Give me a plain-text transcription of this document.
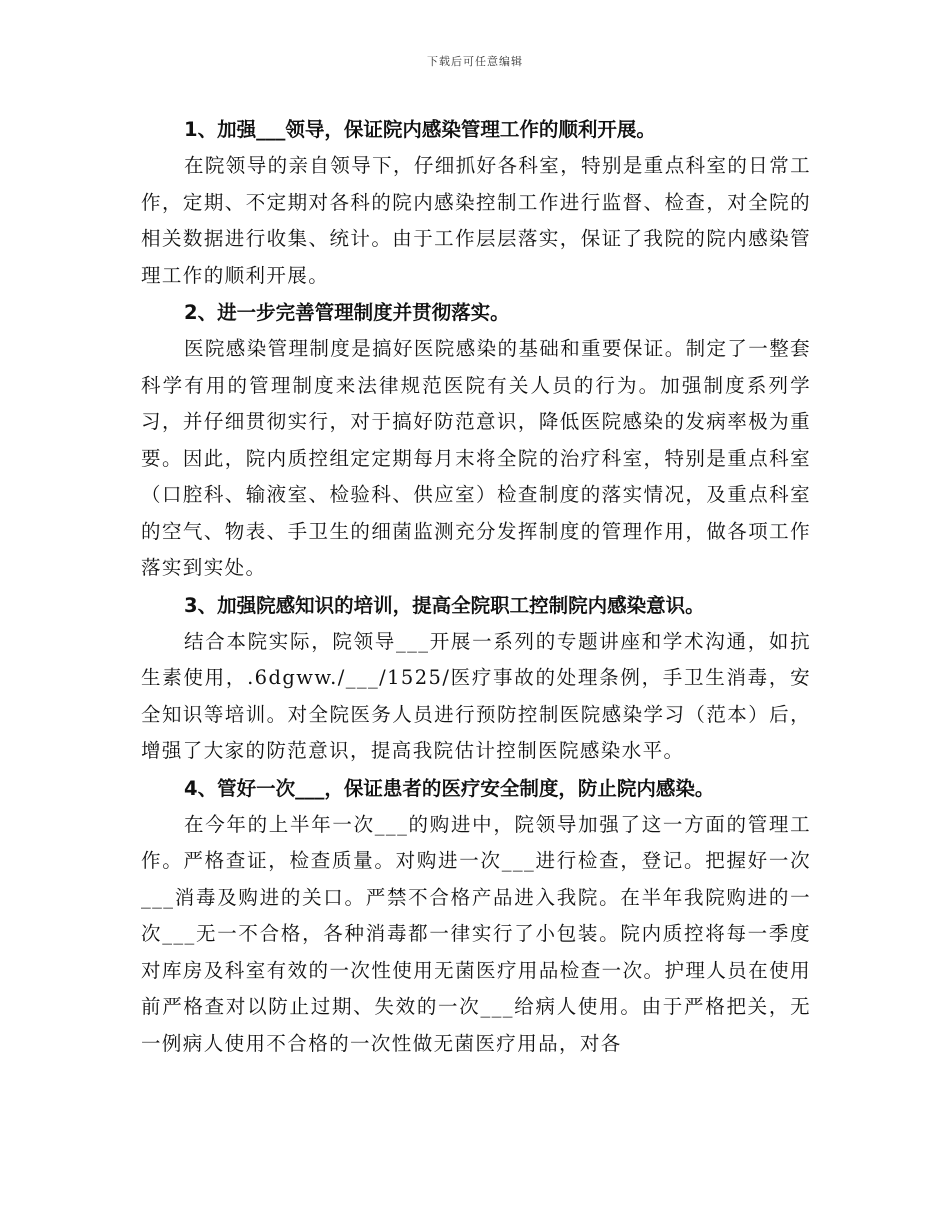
下载后可任意编辑

1、加强___领导，保证院内感染管理工作的顺利开展。

在院领导的亲自领导下，仔细抓好各科室，特别是重点科室的日常工作，定期、不定期对各科的院内感染控制工作进行监督、检查，对全院的相关数据进行收集、统计。由于工作层层落实，保证了我院的院内感染管理工作的顺利开展。

2、进一步完善管理制度并贯彻落实。

医院感染管理制度是搞好医院感染的基础和重要保证。制定了一整套科学有用的管理制度来法律规范医院有关人员的行为。加强制度系列学习，并仔细贯彻实行，对于搞好防范意识，降低医院感染的发病率极为重要。因此，院内质控组定定期每月末将全院的治疗科室，特别是重点科室（口腔科、输液室、检验科、供应室）检查制度的落实情况，及重点科室的空气、物表、手卫生的细菌监测充分发挥制度的管理作用，做各项工作落实到实处。

3、加强院感知识的培训，提高全院职工控制院内感染意识。

结合本院实际，院领导___开展一系列的专题讲座和学术沟通，如抗生素使用，.6dgww./___/1525/医疗事故的处理条例，手卫生消毒，安全知识等培训。对全院医务人员进行预防控制医院感染学习（范本）后，增强了大家的防范意识，提高我院估计控制医院感染水平。

4、管好一次___，保证患者的医疗安全制度，防止院内感染。

在今年的上半年一次___的购进中，院领导加强了这一方面的管理工作。严格查证，检查质量。对购进一次___进行检查，登记。把握好一次___消毒及购进的关口。严禁不合格产品进入我院。在半年我院购进的一次___无一不合格，各种消毒都一律实行了小包装。院内质控将每一季度对库房及科室有效的一次性使用无菌医疗用品检查一次。护理人员在使用前严格查对以防止过期、失效的一次___给病人使用。由于严格把关，无一例病人使用不合格的一次性做无菌医疗用品，对各
